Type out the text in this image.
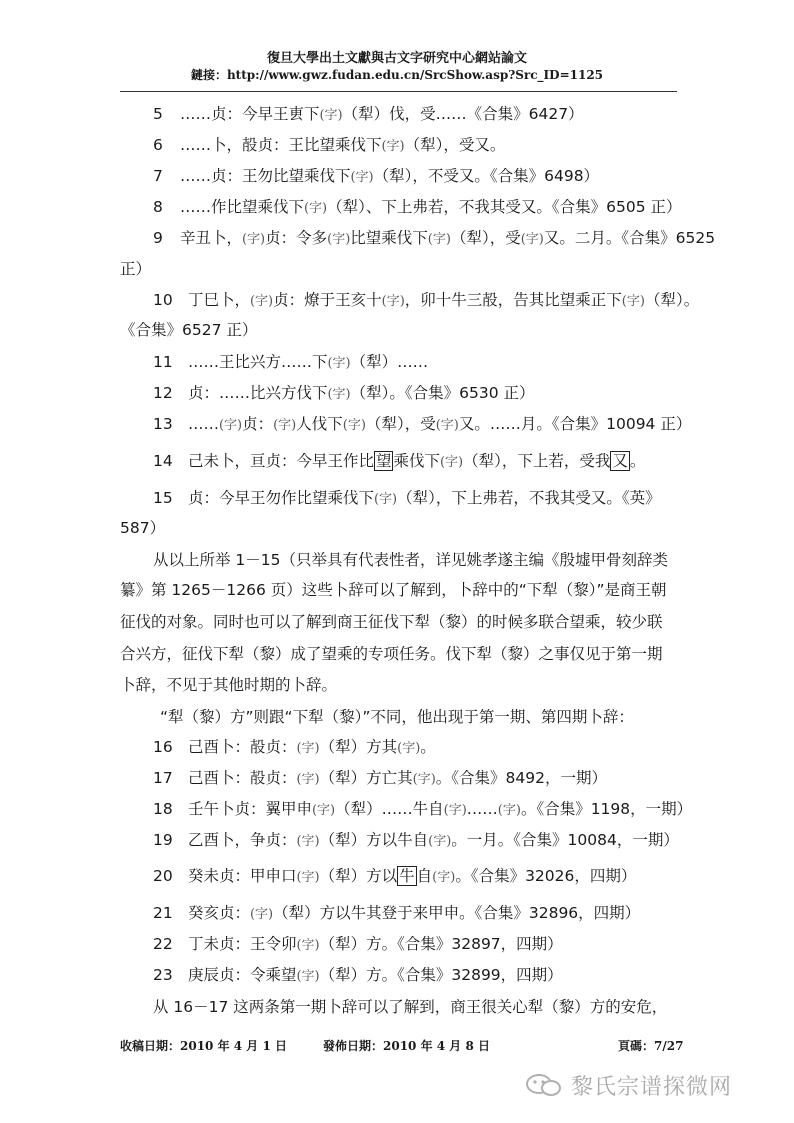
復旦大學出土文獻與古文字研究中心網站論文
鏈接：http://www.gwz.fudan.edu.cn/SrcShow.asp?Src_ID=1125
5 ……贞：今早王叀下(字)（犁）伐，受……《合集》6427）
6 ……卜，㱿贞：王比望乘伐下(字)（犁），受又。
7 ……贞：王勿比望乘伐下(字)（犁），不受又。《合集》6498）
8 ……作比望乘伐下(字)（犁）、下上弗若，不我其受又。《合集》6505 正）
9 辛丑卜，(字)贞：令多(字)比望乘伐下(字)（犁），受(字)又。二月。《合集》6525
正）
10 丁巳卜，(字)贞：燎于王亥十(字)，卯十牛三㱿，告其比望乘正下(字)（犁）。
《合集》6527 正）
11 ……王比兴方……下(字)（犁）……
12 贞：……比兴方伐下(字)（犁）。《合集》6530 正）
13 ……(字)贞：(字)人伐下(字)（犁），受(字)又。……月。《合集》10094 正）
14 己未卜，亘贞：今早王作比 望 乘伐下(字)（犁），下上若，受我 又 。
15 贞：今早王勿作比望乘伐下(字)（犁），下上弗若，不我其受又。《英》
587）
从以上所举 1－15（只举具有代表性者，详见姚孝遂主编《殷墟甲骨刻辞类
纂》第 1265－1266 页）这些卜辞可以了解到，卜辞中的“下犁（黎）”是商王朝
征伐的对象。同时也可以了解到商王征伐下犁（黎）的时候多联合望乘，较少联
合兴方，征伐下犁（黎）成了望乘的专项任务。伐下犁（黎）之事仅见于第一期
卜辞，不见于其他时期的卜辞。
“犁（黎）方”则跟“下犁（黎）”不同，他出现于第一期、第四期卜辞：
16 己酉卜：㱿贞：(字)（犁）方其(字)。
17 己酉卜：㱿贞：(字)（犁）方亡其(字)。《合集》8492，一期）
18 壬午卜贞：翼甲申(字)（犁）……牛自(字)……(字)。《合集》1198，一期）
19 乙酉卜，争贞：(字)（犁）方以牛自(字)。一月。《合集》10084，一期）
20 癸未贞：甲申口(字)（犁）方以 牛 自(字)。《合集》32026，四期）
21 癸亥贞：(字)（犁）方以牛其登于来甲申。《合集》32896，四期）
22 丁未贞：王令卯(字)（犁）方。《合集》32897，四期）
23 庚辰贞：令乘望(字)（犁）方。《合集》32899，四期）
从 16－17 这两条第一期卜辞可以了解到，商王很关心犁（黎）方的安危，
收稿日期：2010 年 4 月 1 日	發佈日期：2010 年 4 月 8 日	頁碼：7/27
黎氏宗谱探微网
